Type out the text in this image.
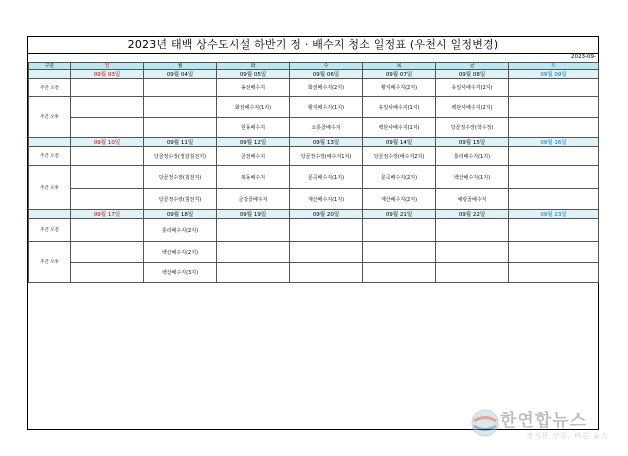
2023년 태백 상수도시설 하반기 정 · 배수지 청소 일정표 (우천시 일정변경)
2023-09-
구분	일	월	화	수	목	금	토
	09월 03일	09월 04일	09월 05일	09월 06일	09월 07일	09월 08일	09월 09일
주간 오전			송선배수지	화전배수지(2지)	황지배수지(2지)	유일사배수지(2지)	
주간 오후			화전배수지(1지)	황지배수지(1지)	유일사배수지(1지)	백단사배수지(2지)	
			원동배수지	소롯골배수지	백단사배수지(1지)	당골정수장(착수정)	
	09월 10일	09월 11일	09월 12일	09월 13일	09월 14일	09월 15일	09월 16일
주간 오전		당골정수장(정감침전지)	금천배수지	당골정수장(배수지1지)	당골정수장(배수지2지)	통리배수지(1지)	
주간 오후		당골정수장(침전지)	복동배수지	문곡배수지(1지)	문곡배수지(2지)	백산배수지(1지)	
		당골정수장(침전지)	금강골배수지	계산배수지(1지)	계산배수지(2지)	예랑골배수지	
	09월 17일	09월 18일	09월 19일	09월 20일	09월 21일	09월 22일	09월 23일
주간 오전		통리배수지(2지)					
주간 오후		백산배수지(2지)					
		백산배수지(3지)					
한연합뉴스
정직한 언론, 바른 뉴스
